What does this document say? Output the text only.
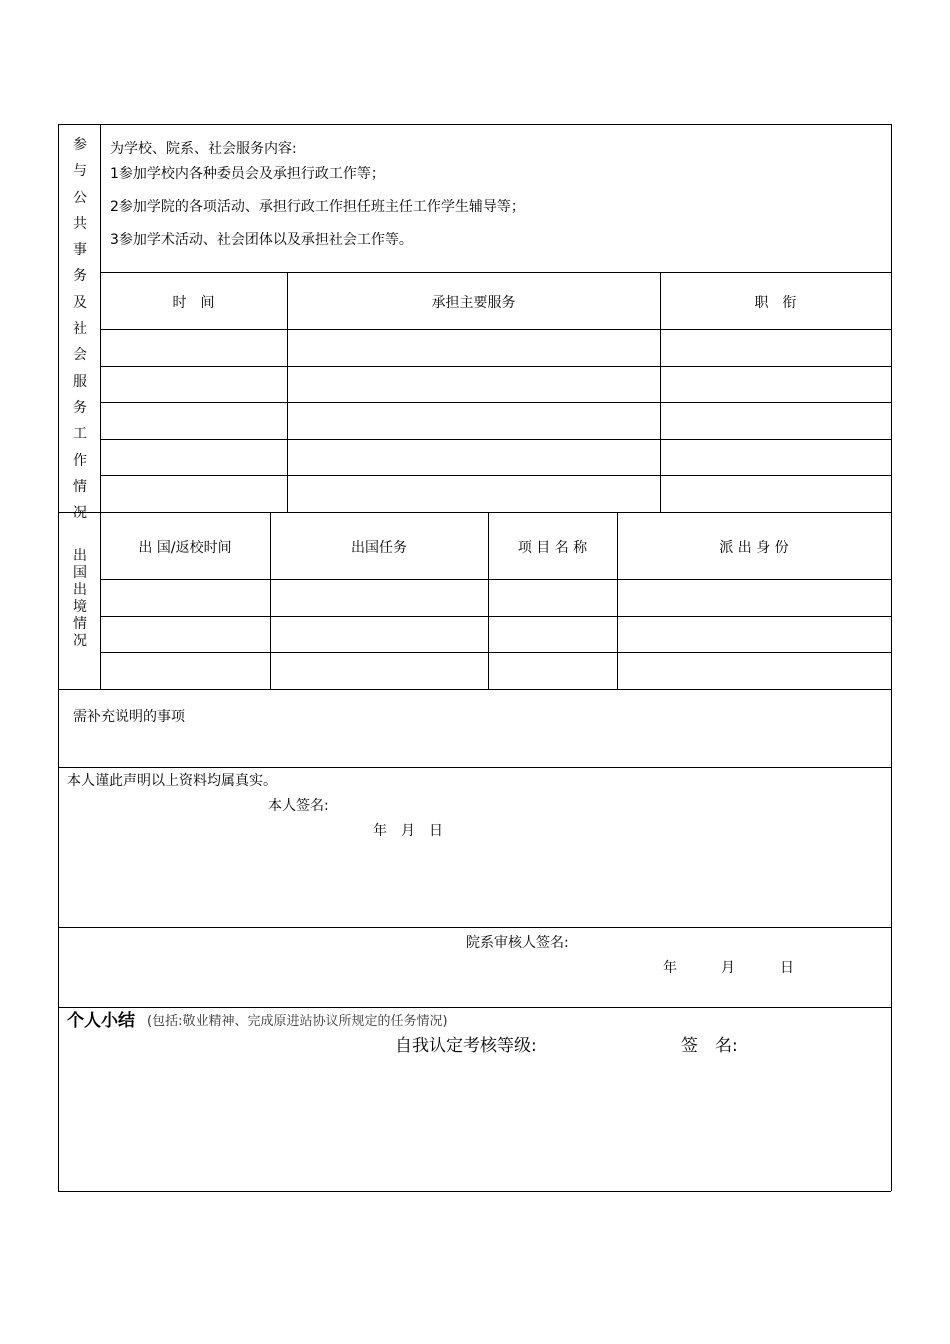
参
与
公
共
事
务
及
社
会
服
务
工
作
情
况
为学校、院系、社会服务内容:
1参加学校内各种委员会及承担行政工作等；
2参加学院的各项活动、承担行政工作担任班主任工作学生辅导等；
3参加学术活动、社会团体以及承担社会工作等。
时　间	承担主要服务	职　衔
出
国
出
境
情
况
出 国/返校时间	出国任务	项 目 名 称	派 出 身 份
需补充说明的事项
本人谨此声明以上资料均属真实。
本人签名:
年　月　日
院系审核人签名:
年	月	日
个人小结 (包括:敬业精神、完成原进站协议所规定的任务情况)
自我认定考核等级:	签　名:
